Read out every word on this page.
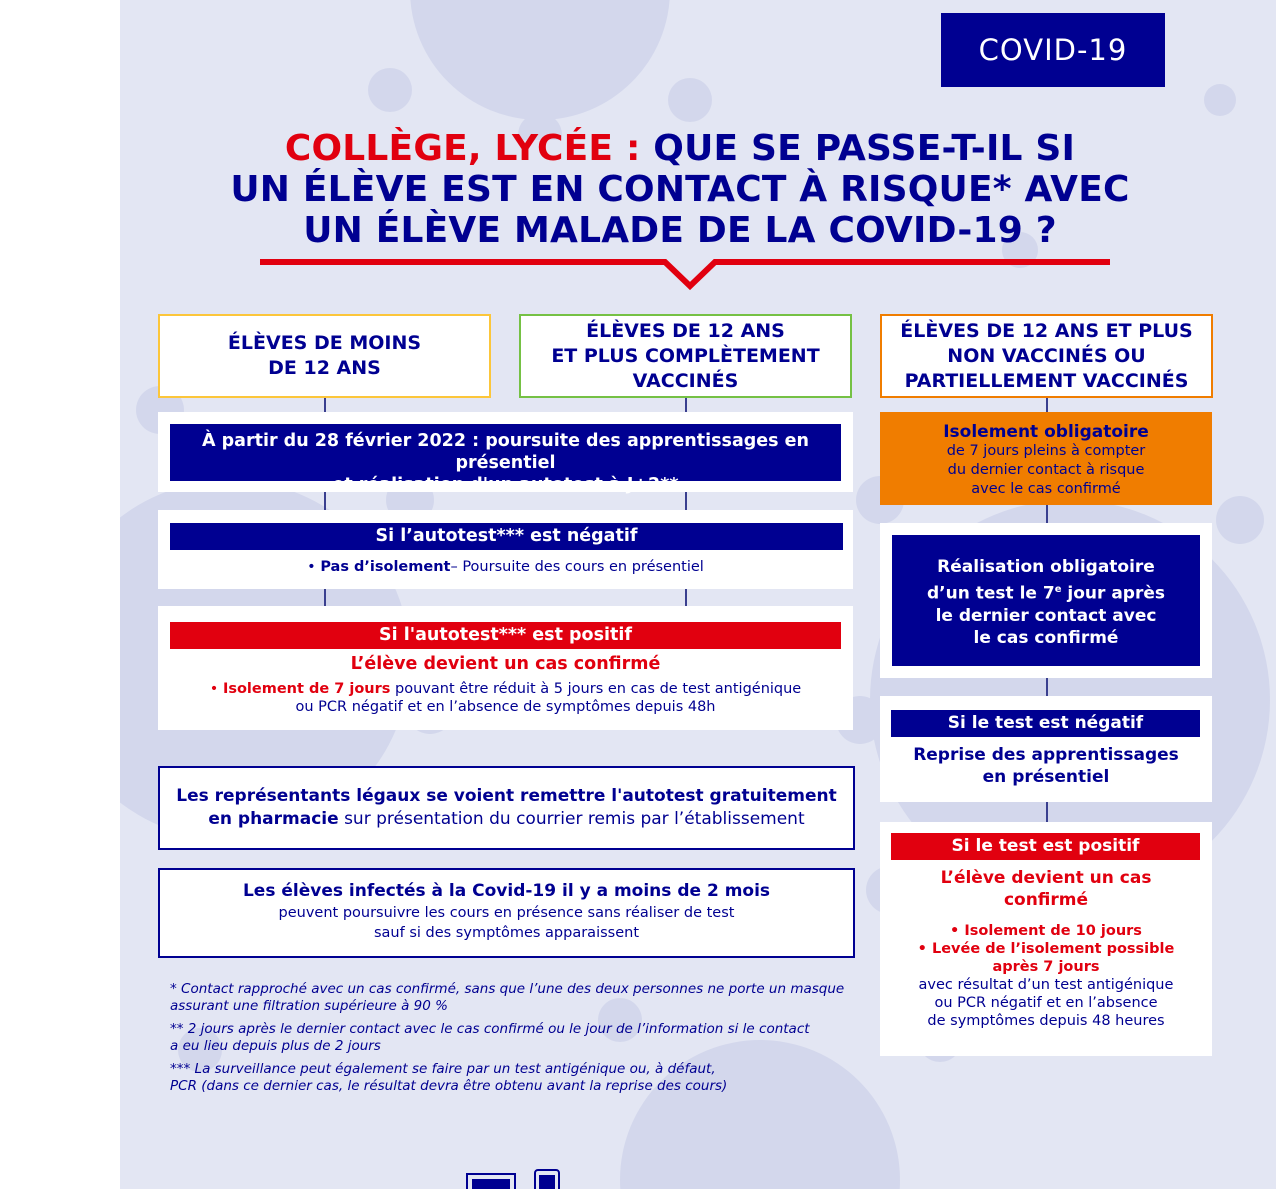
COVID-19
COLLÈGE, LYCÉE : QUE SE PASSE-T-IL SI
UN ÉLÈVE EST EN CONTACT À RISQUE* AVEC
UN ÉLÈVE MALADE DE LA COVID-19 ?
ÉLÈVES DE MOINS
DE 12 ANS
ÉLÈVES DE 12 ANS
ET PLUS COMPLÈTEMENT
VACCINÉS
ÉLÈVES DE 12 ANS ET PLUS
NON VACCINÉS OU
PARTIELLEMENT VACCINÉS
À partir du 28 février 2022 : poursuite des apprentissages en présentiel
et réalisation d'un autotest à J+2**
Si l’autotest*** est négatif
• Pas d’isolement– Poursuite des cours en présentiel
Si l'autotest*** est positif
L’élève devient un cas confirmé
• Isolement de 7 jours pouvant être réduit à 5 jours en cas de test antigénique
ou PCR négatif et en l’absence de symptômes depuis 48h
Les représentants légaux se voient remettre l'autotest gratuitement
en pharmacie sur présentation du courrier remis par l’établissement
Les élèves infectés à la Covid-19 il y a moins de 2 mois
peuvent poursuivre les cours en présence sans réaliser de test
sauf si des symptômes apparaissent
* Contact rapproché avec un cas confirmé, sans que l’une des deux personnes ne porte un masque
assurant une filtration supérieure à 90 %
** 2 jours après le dernier contact avec le cas confirmé ou le jour de l’information si le contact
a eu lieu depuis plus de 2 jours
*** La surveillance peut également se faire par un test antigénique ou, à défaut,
PCR (dans ce dernier cas, le résultat devra être obtenu avant la reprise des cours)
Isolement obligatoire
de 7 jours pleins à compter
du dernier contact à risque
avec le cas confirmé
Réalisation obligatoire
d’un test le 7e jour après
le dernier contact avec
le cas confirmé
Si le test est négatif
Reprise des apprentissages
en présentiel
Si le test est positif
L’élève devient un cas
confirmé
• Isolement de 10 jours
• Levée de l’isolement possible
après 7 jours
avec résultat d’un test antigénique
ou PCR négatif et en l’absence
de symptômes depuis 48 heures
